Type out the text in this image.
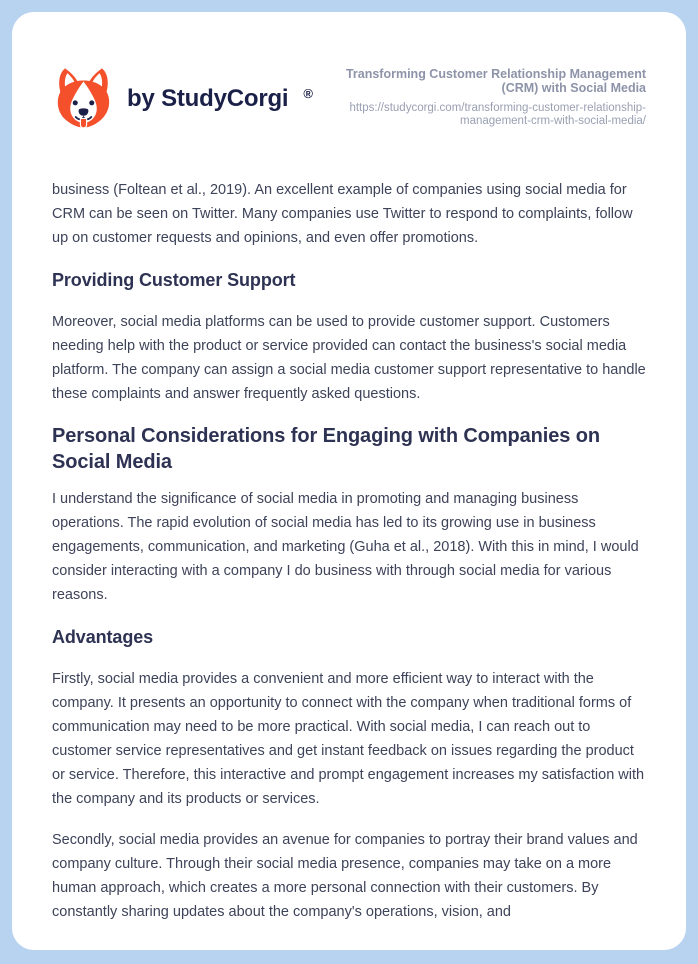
by StudyCorgi ®
Transforming Customer Relationship Management (CRM) with Social Media
https://studycorgi.com/transforming-customer-relationship-management-crm-with-social-media/

business (Foltean et al., 2019). An excellent example of companies using social media for CRM can be seen on Twitter. Many companies use Twitter to respond to complaints, follow up on customer requests and opinions, and even offer promotions.

Providing Customer Support

Moreover, social media platforms can be used to provide customer support. Customers needing help with the product or service provided can contact the business's social media platform. The company can assign a social media customer support representative to handle these complaints and answer frequently asked questions.

Personal Considerations for Engaging with Companies on Social Media

I understand the significance of social media in promoting and managing business operations. The rapid evolution of social media has led to its growing use in business engagements, communication, and marketing (Guha et al., 2018). With this in mind, I would consider interacting with a company I do business with through social media for various reasons.

Advantages

Firstly, social media provides a convenient and more efficient way to interact with the company. It presents an opportunity to connect with the company when traditional forms of communication may need to be more practical. With social media, I can reach out to customer service representatives and get instant feedback on issues regarding the product or service. Therefore, this interactive and prompt engagement increases my satisfaction with the company and its products or services.

Secondly, social media provides an avenue for companies to portray their brand values and company culture. Through their social media presence, companies may take on a more human approach, which creates a more personal connection with their customers. By constantly sharing updates about the company's operations, vision, and
